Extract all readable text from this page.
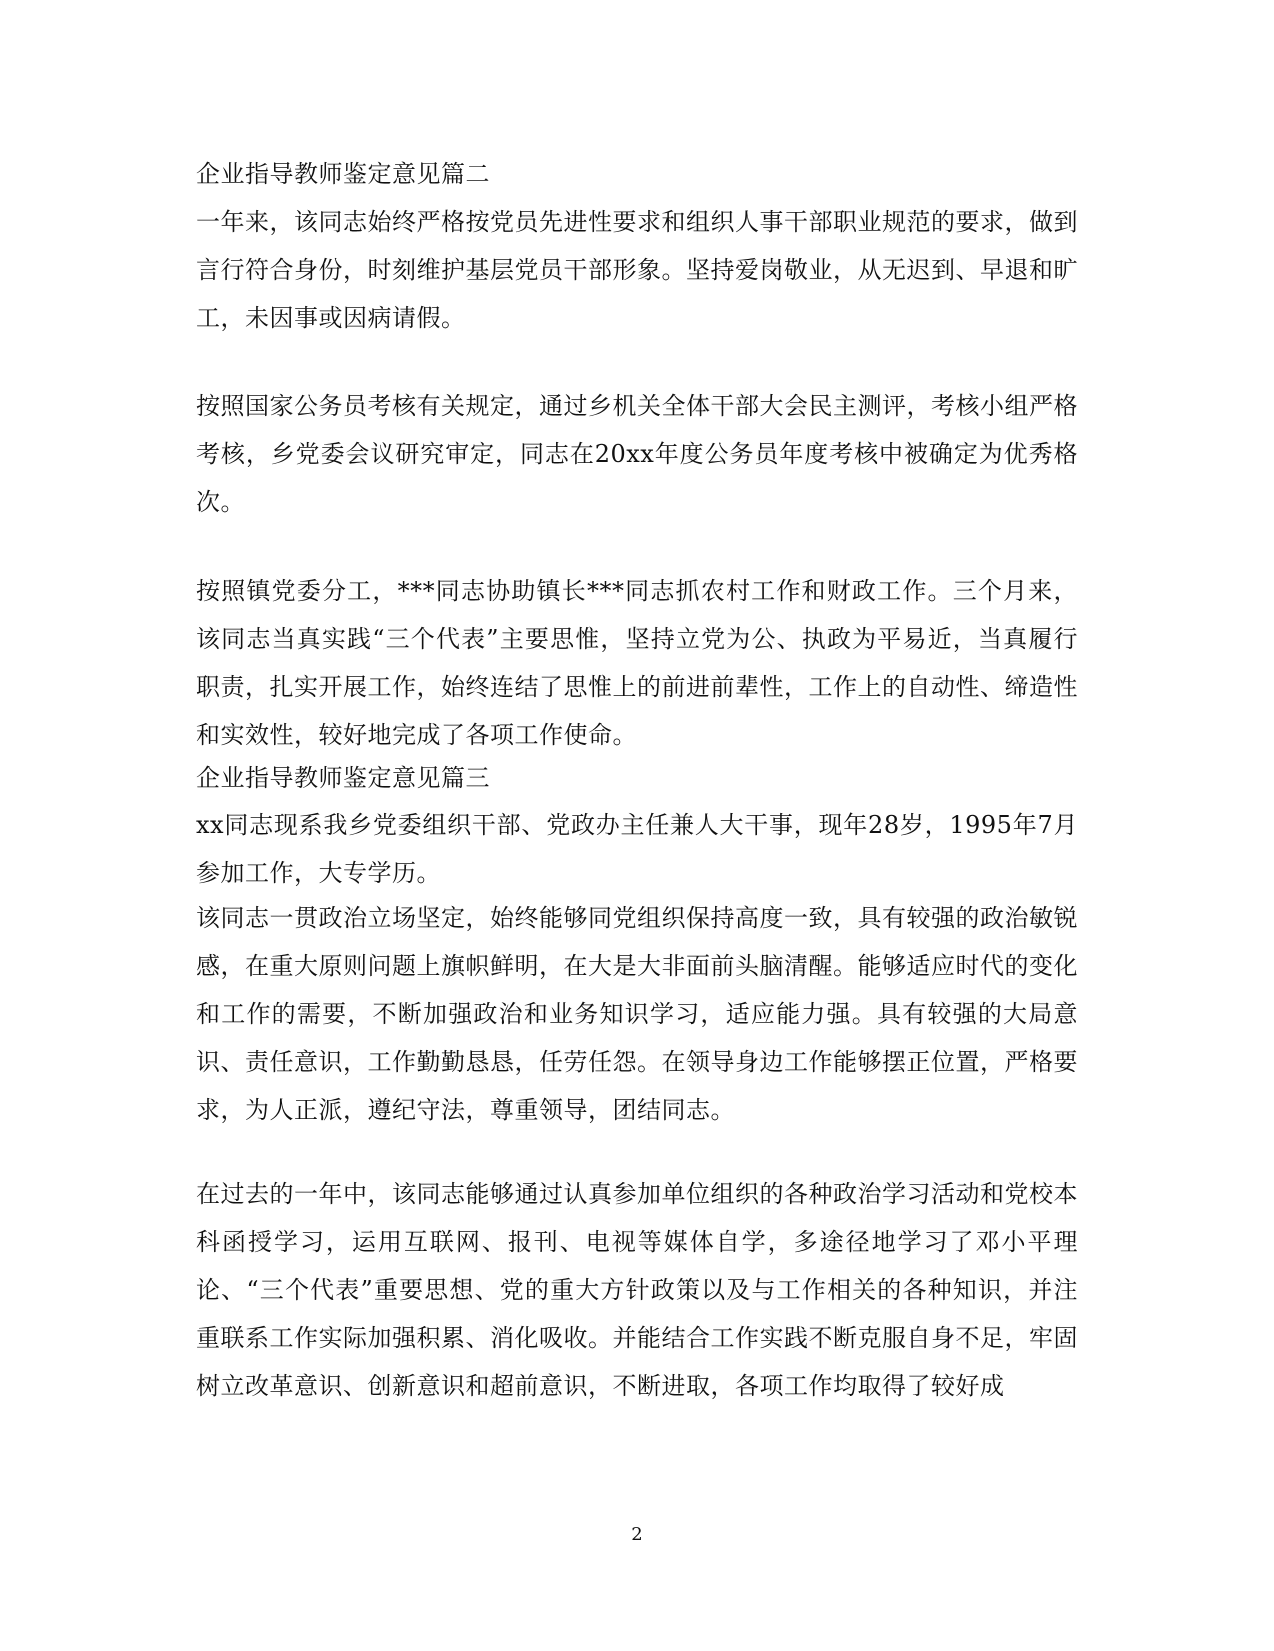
企业指导教师鉴定意见篇二

一年来，该同志始终严格按党员先进性要求和组织人事干部职业规范的要求，做到言行符合身份，时刻维护基层党员干部形象。坚持爱岗敬业，从无迟到、早退和旷工，未因事或因病请假。

按照国家公务员考核有关规定，通过乡机关全体干部大会民主测评，考核小组严格考核，乡党委会议研究审定，同志在20xx年度公务员年度考核中被确定为优秀格次。

按照镇党委分工，***同志协助镇长***同志抓农村工作和财政工作。三个月来，该同志当真实践“三个代表”主要思惟，坚持立党为公、执政为平易近，当真履行职责，扎实开展工作，始终连结了思惟上的前进前辈性，工作上的自动性、缔造性和实效性，较好地完成了各项工作使命。

企业指导教师鉴定意见篇三

xx同志现系我乡党委组织干部、党政办主任兼人大干事，现年28岁，1995年7月参加工作，大专学历。

该同志一贯政治立场坚定，始终能够同党组织保持高度一致，具有较强的政治敏锐感，在重大原则问题上旗帜鲜明，在大是大非面前头脑清醒。能够适应时代的变化和工作的需要，不断加强政治和业务知识学习，适应能力强。具有较强的大局意识、责任意识，工作勤勤恳恳，任劳任怨。在领导身边工作能够摆正位置，严格要求，为人正派，遵纪守法，尊重领导，团结同志。

在过去的一年中，该同志能够通过认真参加单位组织的各种政治学习活动和党校本科函授学习，运用互联网、报刊、电视等媒体自学，多途径地学习了邓小平理论、“三个代表”重要思想、党的重大方针政策以及与工作相关的各种知识，并注重联系工作实际加强积累、消化吸收。并能结合工作实践不断克服自身不足，牢固树立改革意识、创新意识和超前意识，不断进取，各项工作均取得了较好成

2
